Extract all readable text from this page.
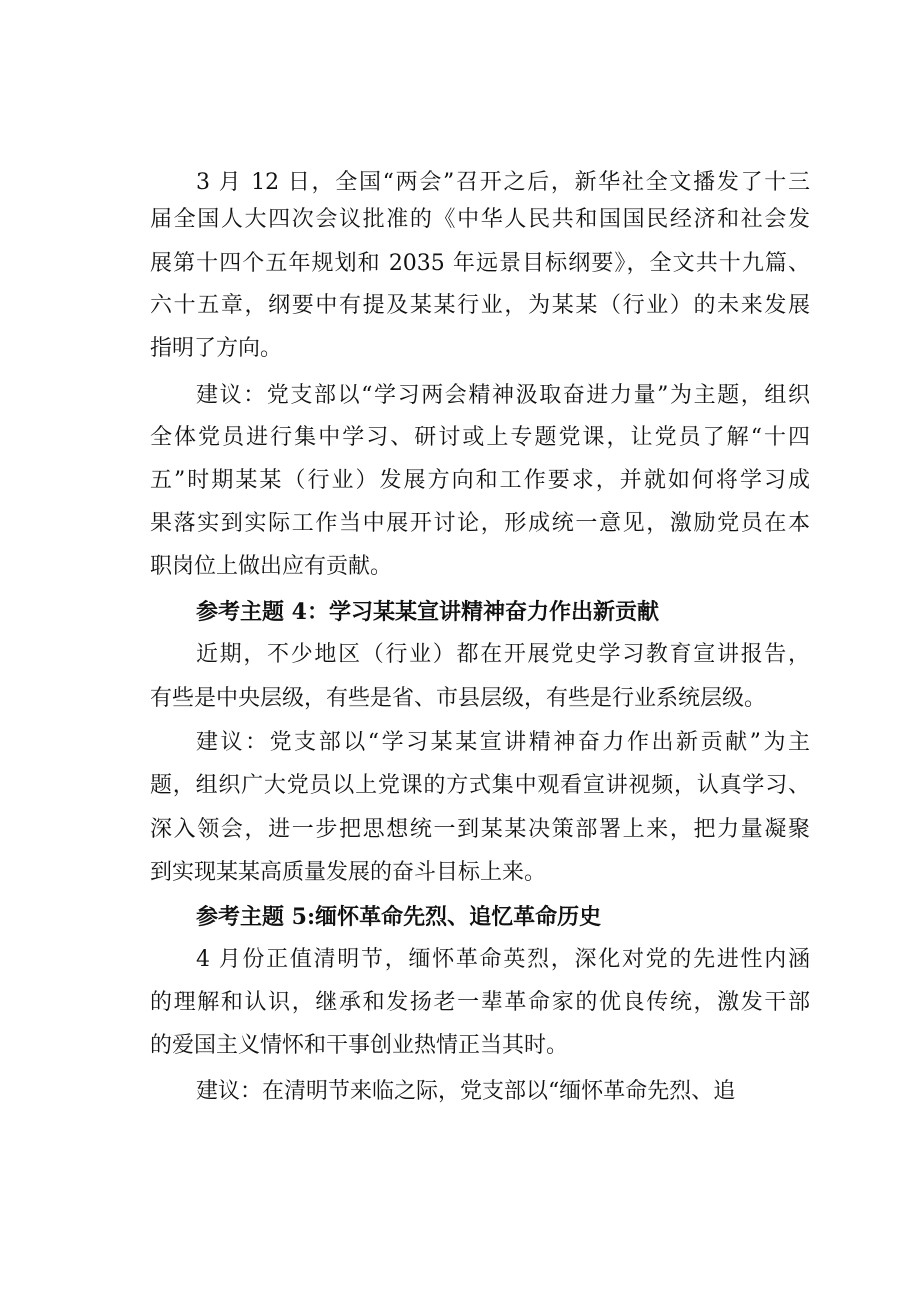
3 月 12 日，全国“两会”召开之后，新华社全文播发了十三
届全国人大四次会议批准的《中华人民共和国国民经济和社会发
展第十四个五年规划和 2035 年远景目标纲要》，全文共十九篇、
六十五章，纲要中有提及某某行业，为某某（行业）的未来发展
指明了方向。
建议：党支部以“学习两会精神汲取奋进力量”为主题，组织
全体党员进行集中学习、研讨或上专题党课，让党员了解“十四
五”时期某某（行业）发展方向和工作要求，并就如何将学习成
果落实到实际工作当中展开讨论，形成统一意见，激励党员在本
职岗位上做出应有贡献。
参考主题 4：学习某某宣讲精神奋力作出新贡献
近期，不少地区（行业）都在开展党史学习教育宣讲报告，
有些是中央层级，有些是省、市县层级，有些是行业系统层级。
建议：党支部以“学习某某宣讲精神奋力作出新贡献”为主
题，组织广大党员以上党课的方式集中观看宣讲视频，认真学习、
深入领会，进一步把思想统一到某某决策部署上来，把力量凝聚
到实现某某高质量发展的奋斗目标上来。
参考主题 5:缅怀革命先烈、追忆革命历史
4 月份正值清明节，缅怀革命英烈，深化对党的先进性内涵
的理解和认识，继承和发扬老一辈革命家的优良传统，激发干部
的爱国主义情怀和干事创业热情正当其时。
建议：在清明节来临之际，党支部以“缅怀革命先烈、追
